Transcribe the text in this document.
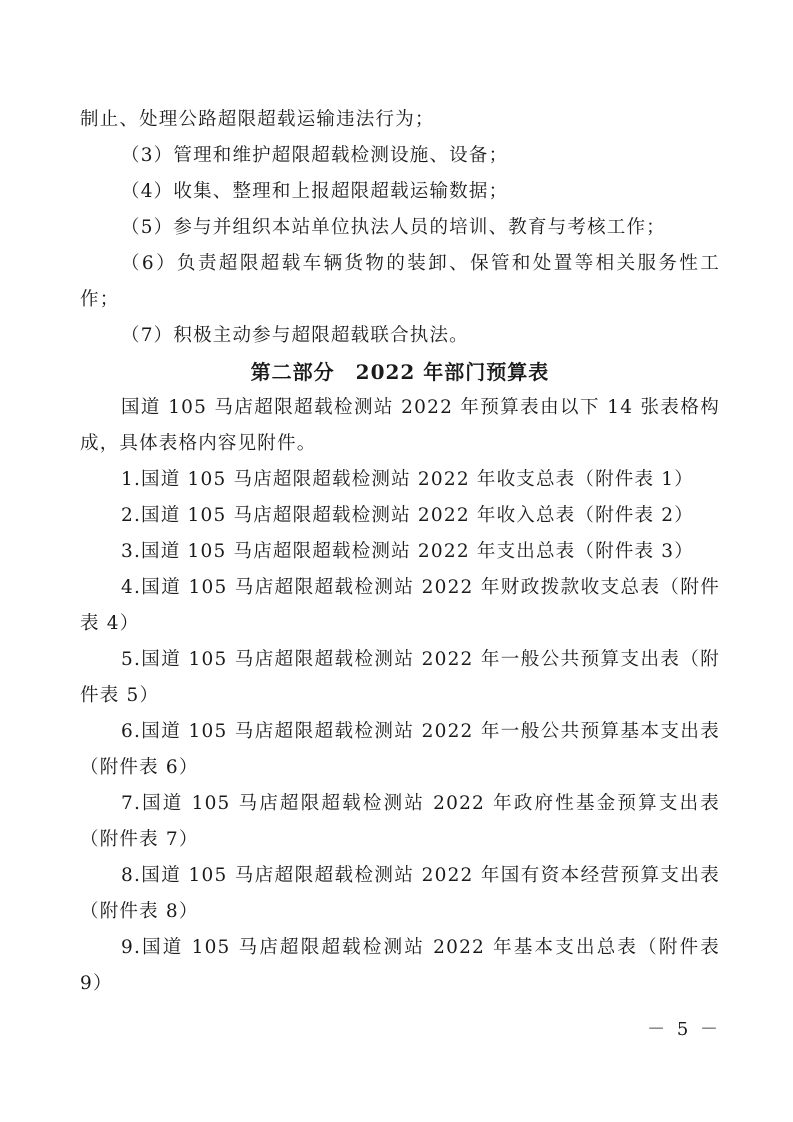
制止、处理公路超限超载运输违法行为；

（3）管理和维护超限超载检测设施、设备；

（4）收集、整理和上报超限超载运输数据；

（5）参与并组织本站单位执法人员的培训、教育与考核工作；

（6）负责超限超载车辆货物的装卸、保管和处置等相关服务性工作；

（7）积极主动参与超限超载联合执法。

第二部分　2022 年部门预算表

国道 105 马店超限超载检测站 2022 年预算表由以下 14 张表格构成，具体表格内容见附件。

1.国道 105 马店超限超载检测站 2022 年收支总表（附件表 1）

2.国道 105 马店超限超载检测站 2022 年收入总表（附件表 2）

3.国道 105 马店超限超载检测站 2022 年支出总表（附件表 3）

4.国道 105 马店超限超载检测站 2022 年财政拨款收支总表（附件表 4）

5.国道 105 马店超限超载检测站 2022 年一般公共预算支出表（附件表 5）

6.国道 105 马店超限超载检测站 2022 年一般公共预算基本支出表（附件表 6）

7.国道 105 马店超限超载检测站 2022 年政府性基金预算支出表（附件表 7）

8.国道 105 马店超限超载检测站 2022 年国有资本经营预算支出表（附件表 8）

9.国道 105 马店超限超载检测站 2022 年基本支出总表（附件表 9）

－ 5 －
